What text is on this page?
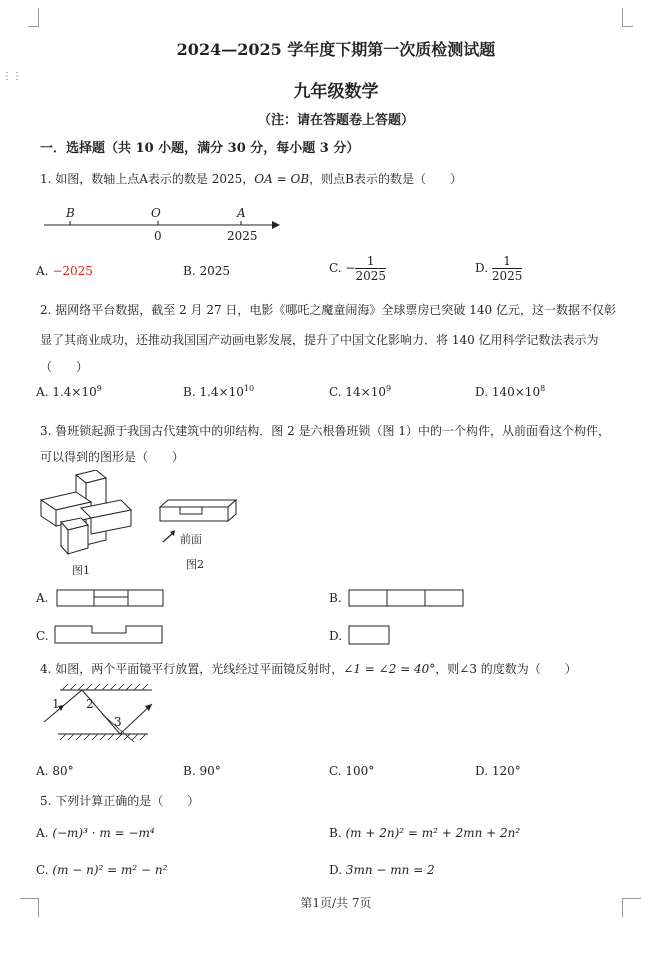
⋮⋮
2024—2025 学年度下期第一次质检测试题
九年级数学
（注：请在答题卷上答题）
一．选择题（共 10 小题，满分 30 分，每小题 3 分）
1. 如图，数轴上点A表示的数是 2025，OA = OB，则点B表示的数是（　　）
B	O	A
0	2025
A. −2025	B. 2025	C. − $\frac{1}{2025}$	D. $\frac{1}{2025}$
2. 据网络平台数据，截至 2 月 27 日，电影《哪吒之魔童闹海》全球票房已突破 140 亿元，这一数据不仅彰
显了其商业成功，还推动我国国产动画电影发展，提升了中国文化影响力．将 140 亿用科学记数法表示为
（　　）
A. $1.4\times 10^9$	B. $1.4\times 10^{10}$	C. $14\times 10^9$	D. $140\times 10^8$
3. 鲁班锁起源于我国古代建筑中的卯结构．图 2 是六根鲁班锁（图 1）中的一个构件，从前面看这个构件，
可以得到的图形是（　　）
图1
前面
图2
A.	B.
C.	D.
4. 如图，两个平面镜平行放置，光线经过平面镜反射时，∠1 = ∠2 = 40°，则∠3 的度数为（　　）
1 2
3
A. 80°	B. 90°	C. 100°	D. 120°
5. 下列计算正确的是（　　）
A. (−m)³ · m = −m⁴	B. (m + 2n)² = m² + 2mn + 2n²
C. (m − n)² = m² − n²	D. 3mn − mn = 2
第1页/共 7页
